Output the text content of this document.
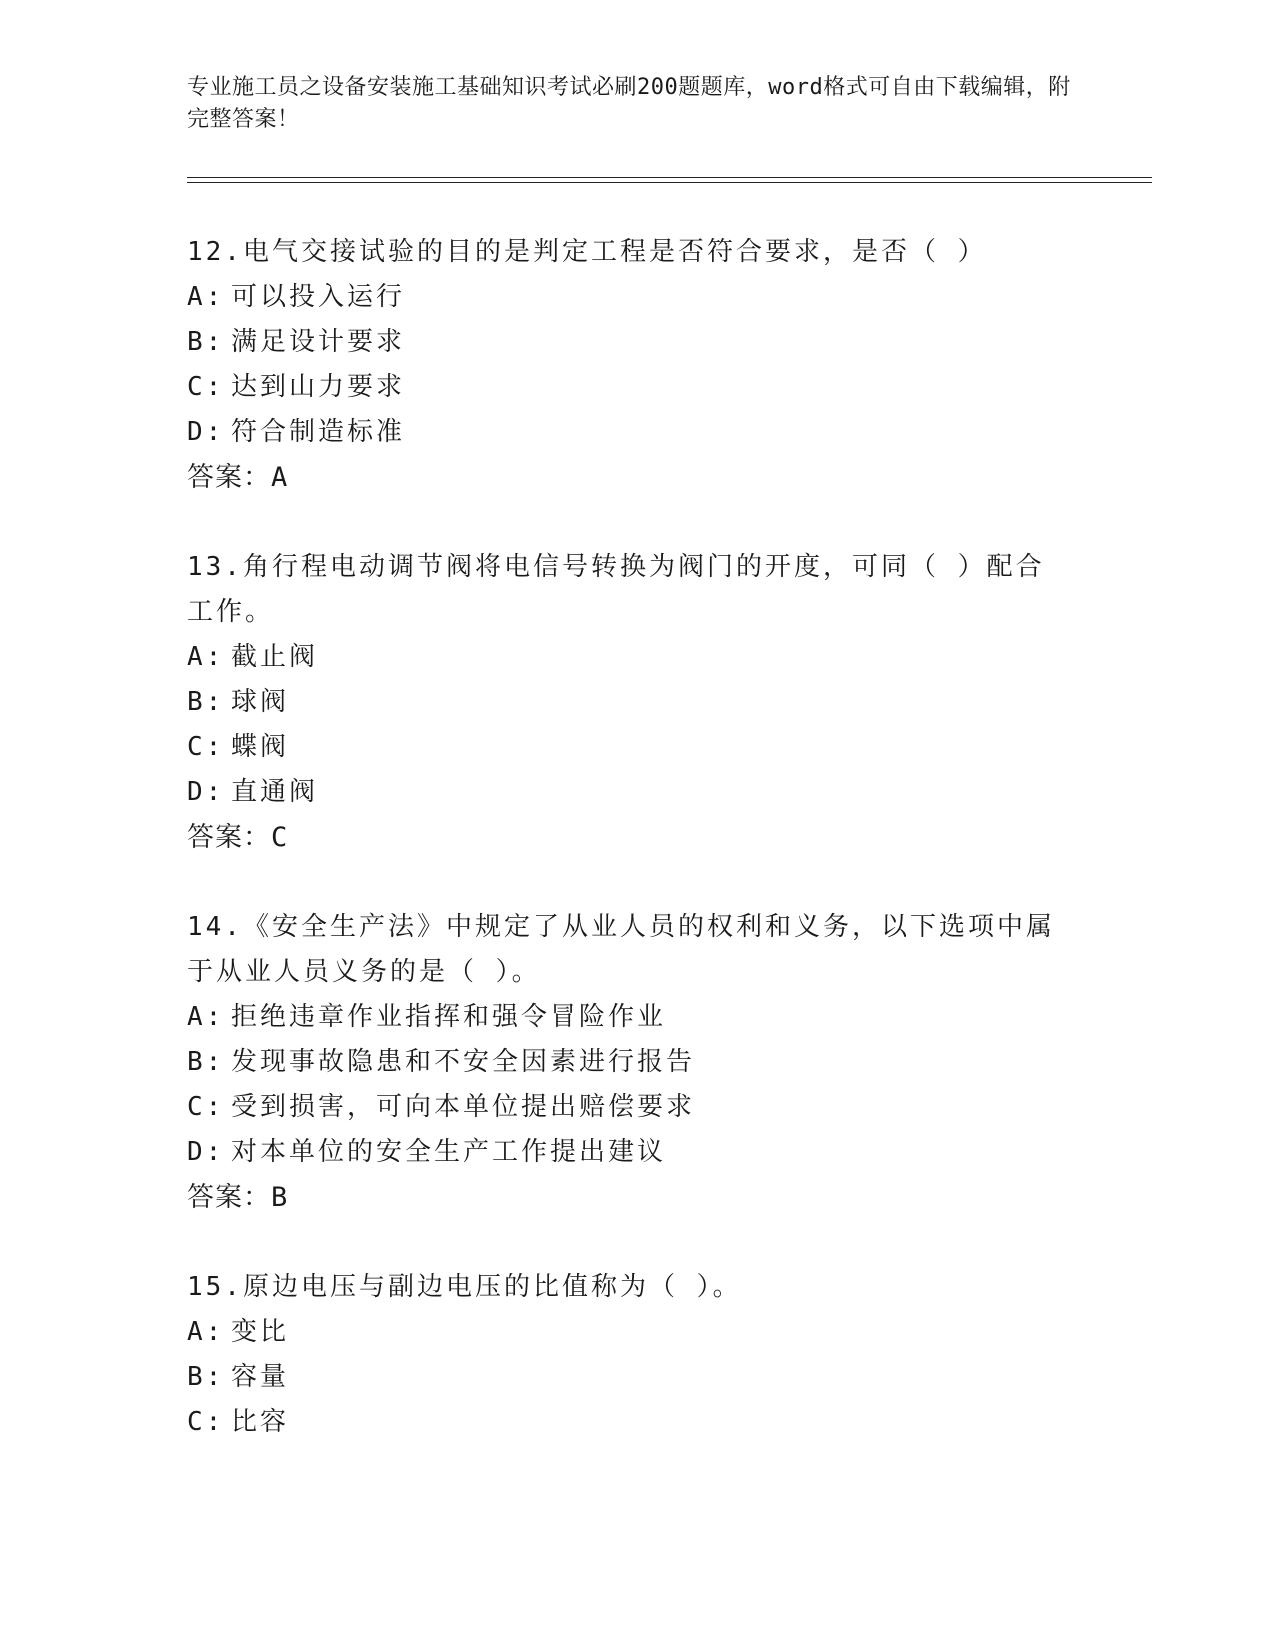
专业施工员之设备安装施工基础知识考试必刷200题题库，word格式可自由下载编辑，附完整答案！
12.电气交接试验的目的是判定工程是否符合要求，是否（ ）
A: 可以投入运行
B: 满足设计要求
C: 达到山力要求
D: 符合制造标准
答案：A
13.角行程电动调节阀将电信号转换为阀门的开度，可同（ ）配合工作。
A: 截止阀
B: 球阀
C: 蝶阀
D: 直通阀
答案：C
14.《安全生产法》中规定了从业人员的权利和义务，以下选项中属于从业人员义务的是（ ）。
A: 拒绝违章作业指挥和强令冒险作业
B: 发现事故隐患和不安全因素进行报告
C: 受到损害，可向本单位提出赔偿要求
D: 对本单位的安全生产工作提出建议
答案：B
15.原边电压与副边电压的比值称为（ ）。
A: 变比
B: 容量
C: 比容
